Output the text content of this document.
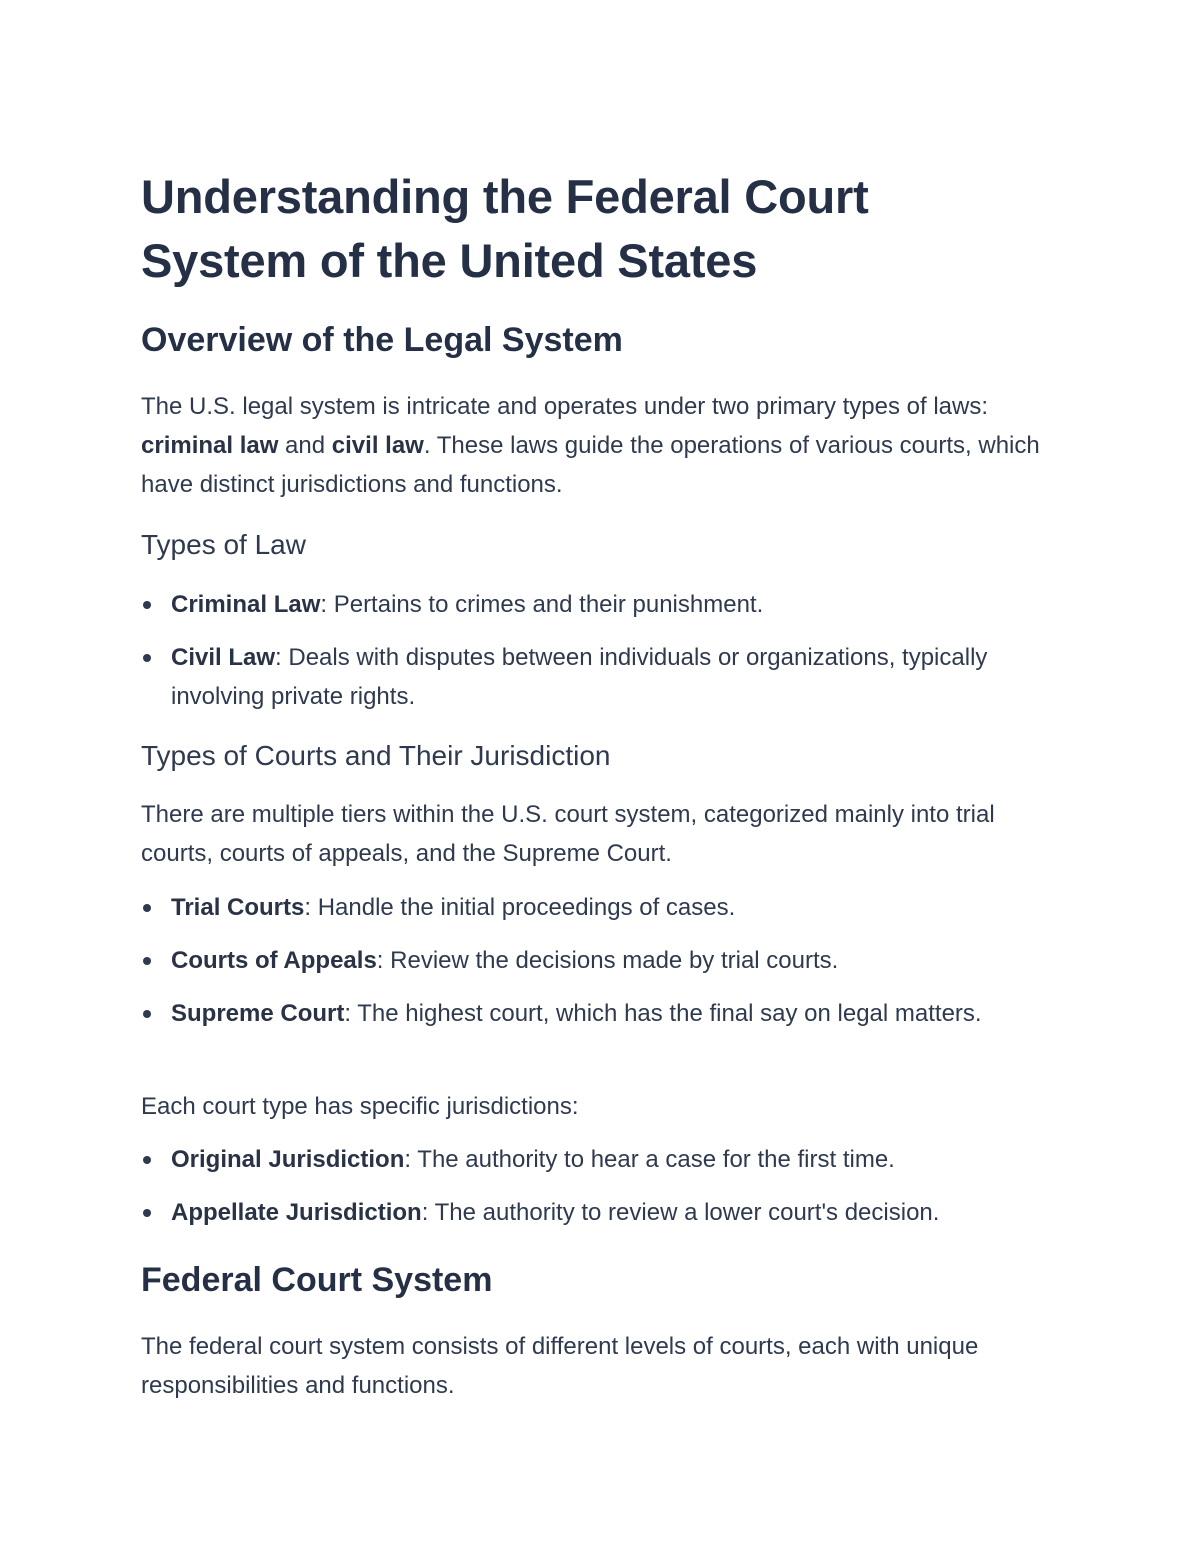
Understanding the Federal Court System of the United States
Overview of the Legal System

The U.S. legal system is intricate and operates under two primary types of laws: criminal law and civil law. These laws guide the operations of various courts, which have distinct jurisdictions and functions.

Types of Law
Criminal Law: Pertains to crimes and their punishment.
Civil Law: Deals with disputes between individuals or organizations, typically involving private rights.
Types of Courts and Their Jurisdiction

There are multiple tiers within the U.S. court system, categorized mainly into trial courts, courts of appeals, and the Supreme Court.

Trial Courts: Handle the initial proceedings of cases.
Courts of Appeals: Review the decisions made by trial courts.
Supreme Court: The highest court, which has the final say on legal matters.

Each court type has specific jurisdictions:

Original Jurisdiction: The authority to hear a case for the first time.
Appellate Jurisdiction: The authority to review a lower court's decision.
Federal Court System

The federal court system consists of different levels of courts, each with unique responsibilities and functions.
